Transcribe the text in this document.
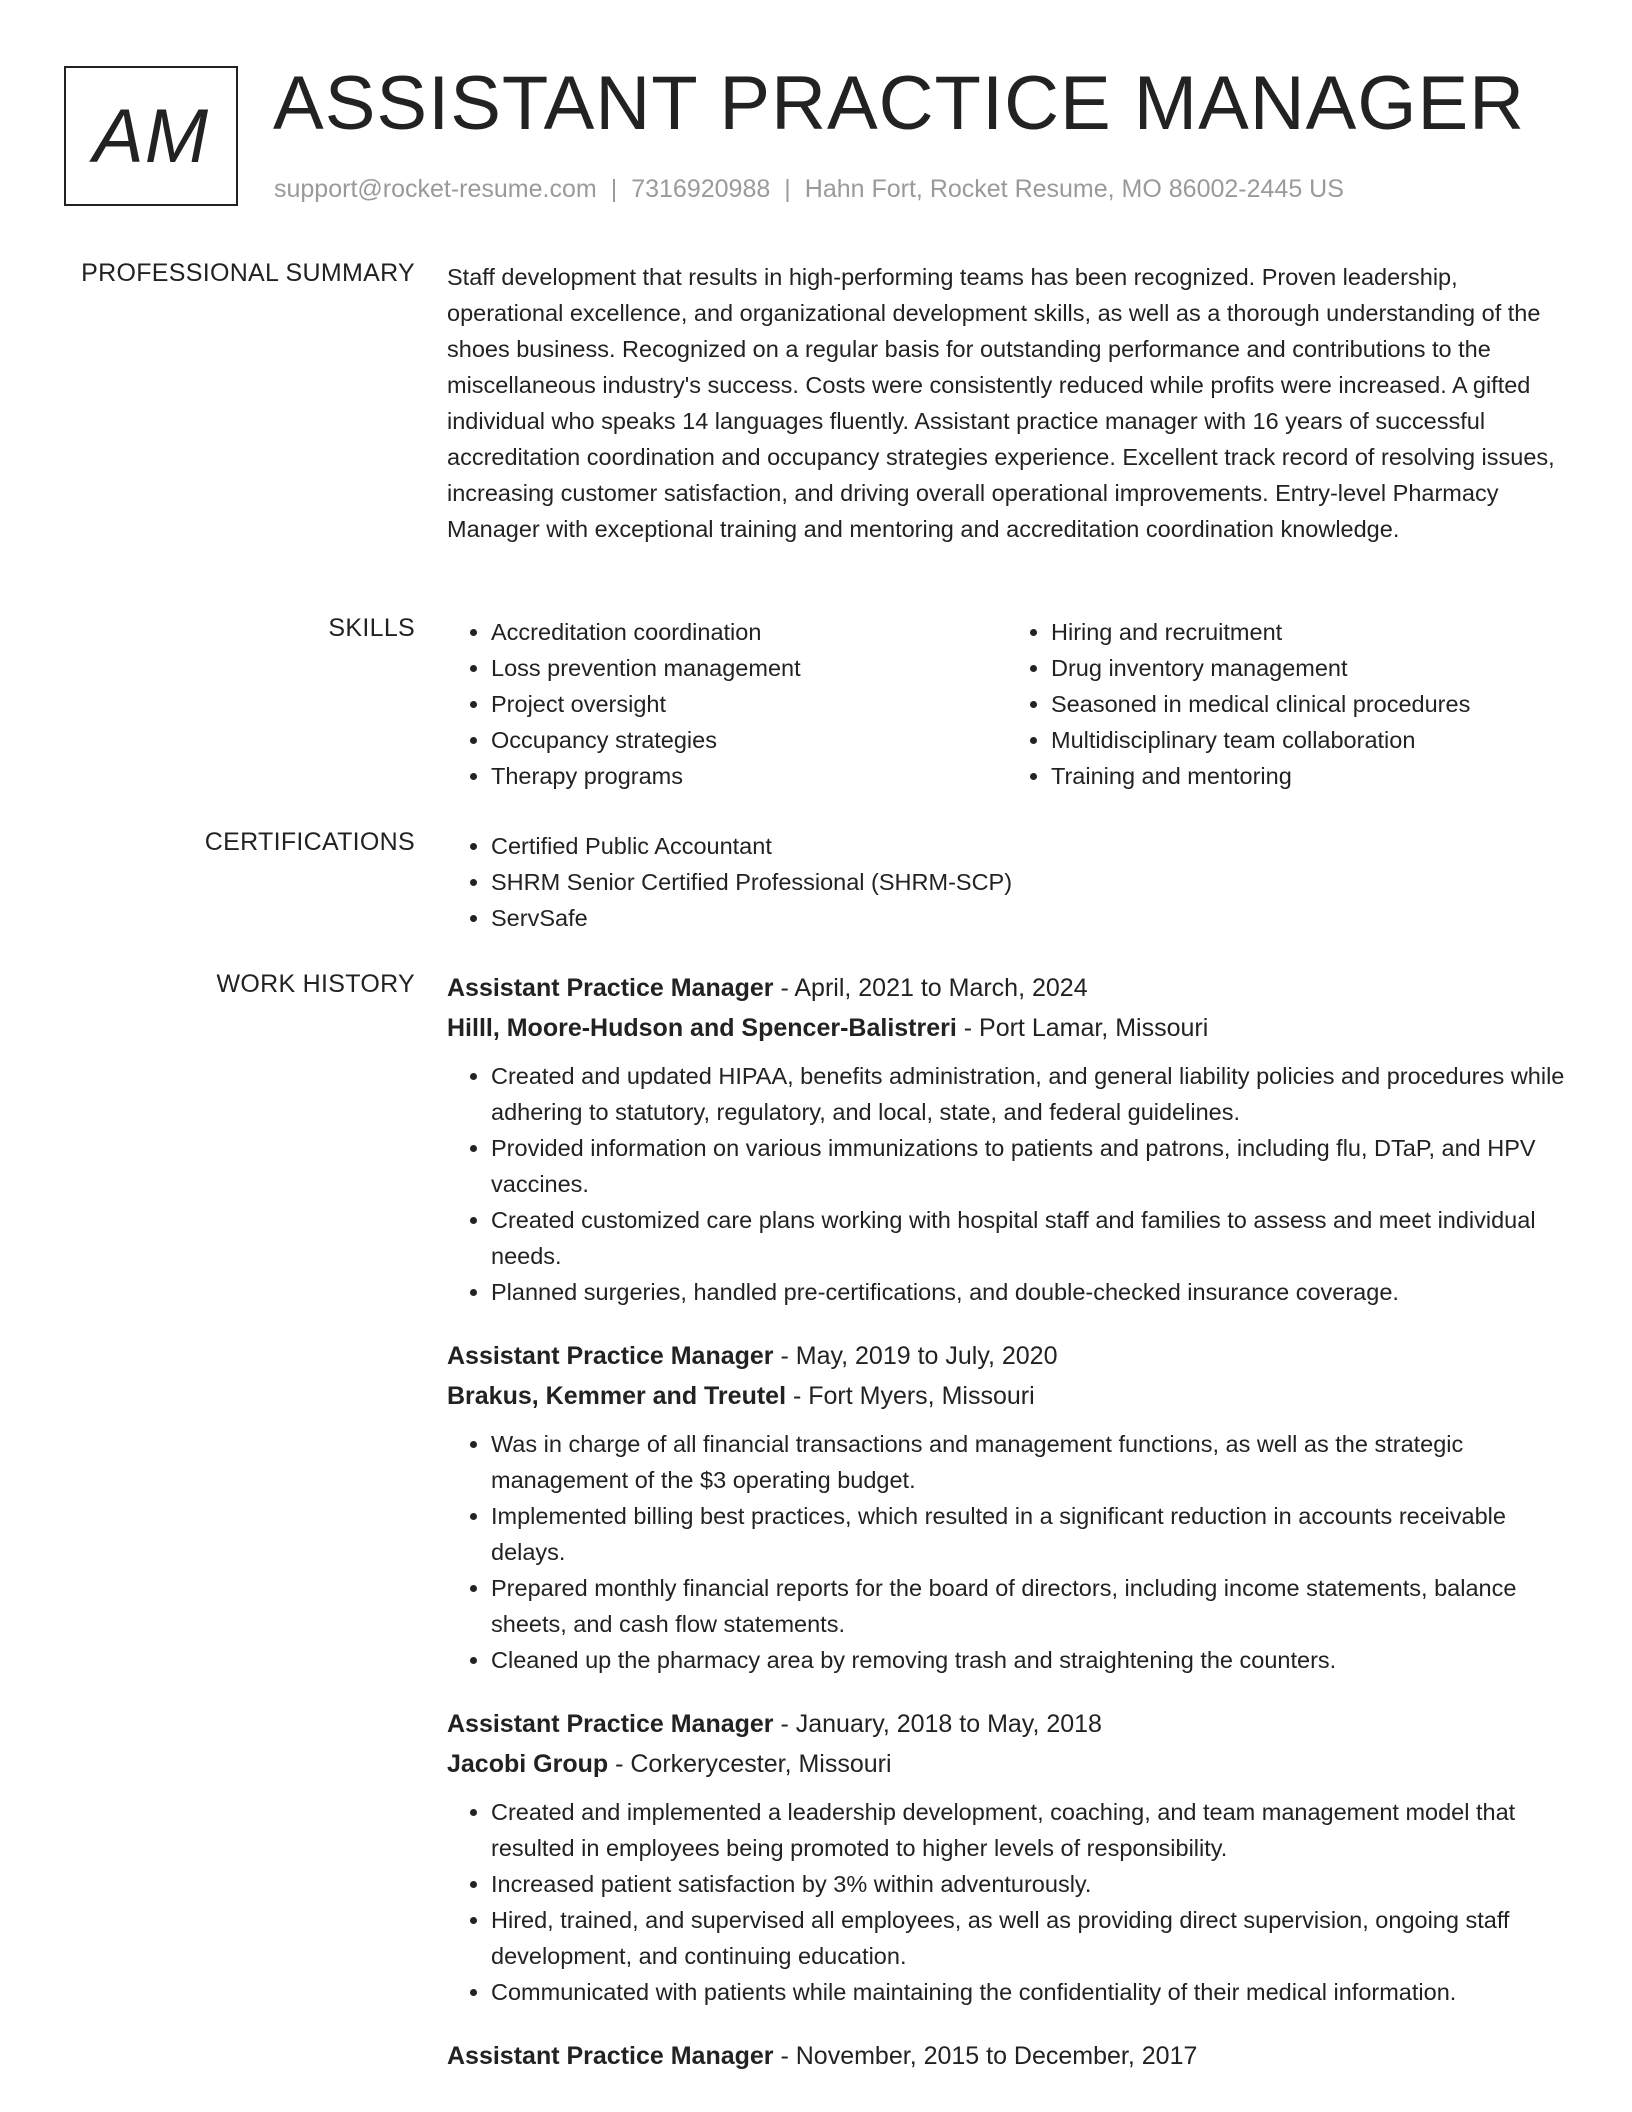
AM ASSISTANT PRACTICE MANAGER
support@rocket-resume.com | 7316920988 | Hahn Fort, Rocket Resume, MO 86002-2445 US
PROFESSIONAL SUMMARY Staff development that results in high-performing teams has been recognized. Proven leadership, operational excellence, and organizational development skills, as well as a thorough understanding of the shoes business. Recognized on a regular basis for outstanding performance and contributions to the miscellaneous industry's success. Costs were consistently reduced while profits were increased. A gifted individual who speaks 14 languages fluently. Assistant practice manager with 16 years of successful accreditation coordination and occupancy strategies experience. Excellent track record of resolving issues, increasing customer satisfaction, and driving overall operational improvements. Entry-level Pharmacy Manager with exceptional training and mentoring and accreditation coordination knowledge.
SKILLS	• Accreditation coordination
• Loss prevention management
• Project oversight
• Occupancy strategies
• Therapy programs
• Hiring and recruitment
• Drug inventory management
• Seasoned in medical clinical procedures
• Multidisciplinary team collaboration
• Training and mentoring
CERTIFICATIONS	• Certified Public Accountant
• SHRM Senior Certified Professional (SHRM-SCP)
• ServSafe
WORK HISTORY Assistant Practice Manager - April, 2021 to March, 2024
Hilll, Moore-Hudson and Spencer-Balistreri - Port Lamar, Missouri
• Created and updated HIPAA, benefits administration, and general liability policies and procedures while adhering to statutory, regulatory, and local, state, and federal guidelines.
• Provided information on various immunizations to patients and patrons, including flu, DTaP, and HPV vaccines.
• Created customized care plans working with hospital staff and families to assess and meet individual needs.
• Planned surgeries, handled pre-certifications, and double-checked insurance coverage.
Assistant Practice Manager - May, 2019 to July, 2020
Brakus, Kemmer and Treutel - Fort Myers, Missouri
• Was in charge of all financial transactions and management functions, as well as the strategic management of the $3 operating budget.
• Implemented billing best practices, which resulted in a significant reduction in accounts receivable delays.
• Prepared monthly financial reports for the board of directors, including income statements, balance sheets, and cash flow statements.
• Cleaned up the pharmacy area by removing trash and straightening the counters.
Assistant Practice Manager - January, 2018 to May, 2018
Jacobi Group - Corkerycester, Missouri
• Created and implemented a leadership development, coaching, and team management model that resulted in employees being promoted to higher levels of responsibility.
• Increased patient satisfaction by 3% within adventurously.
• Hired, trained, and supervised all employees, as well as providing direct supervision, ongoing staff development, and continuing education.
• Communicated with patients while maintaining the confidentiality of their medical information.
Assistant Practice Manager - November, 2015 to December, 2017
